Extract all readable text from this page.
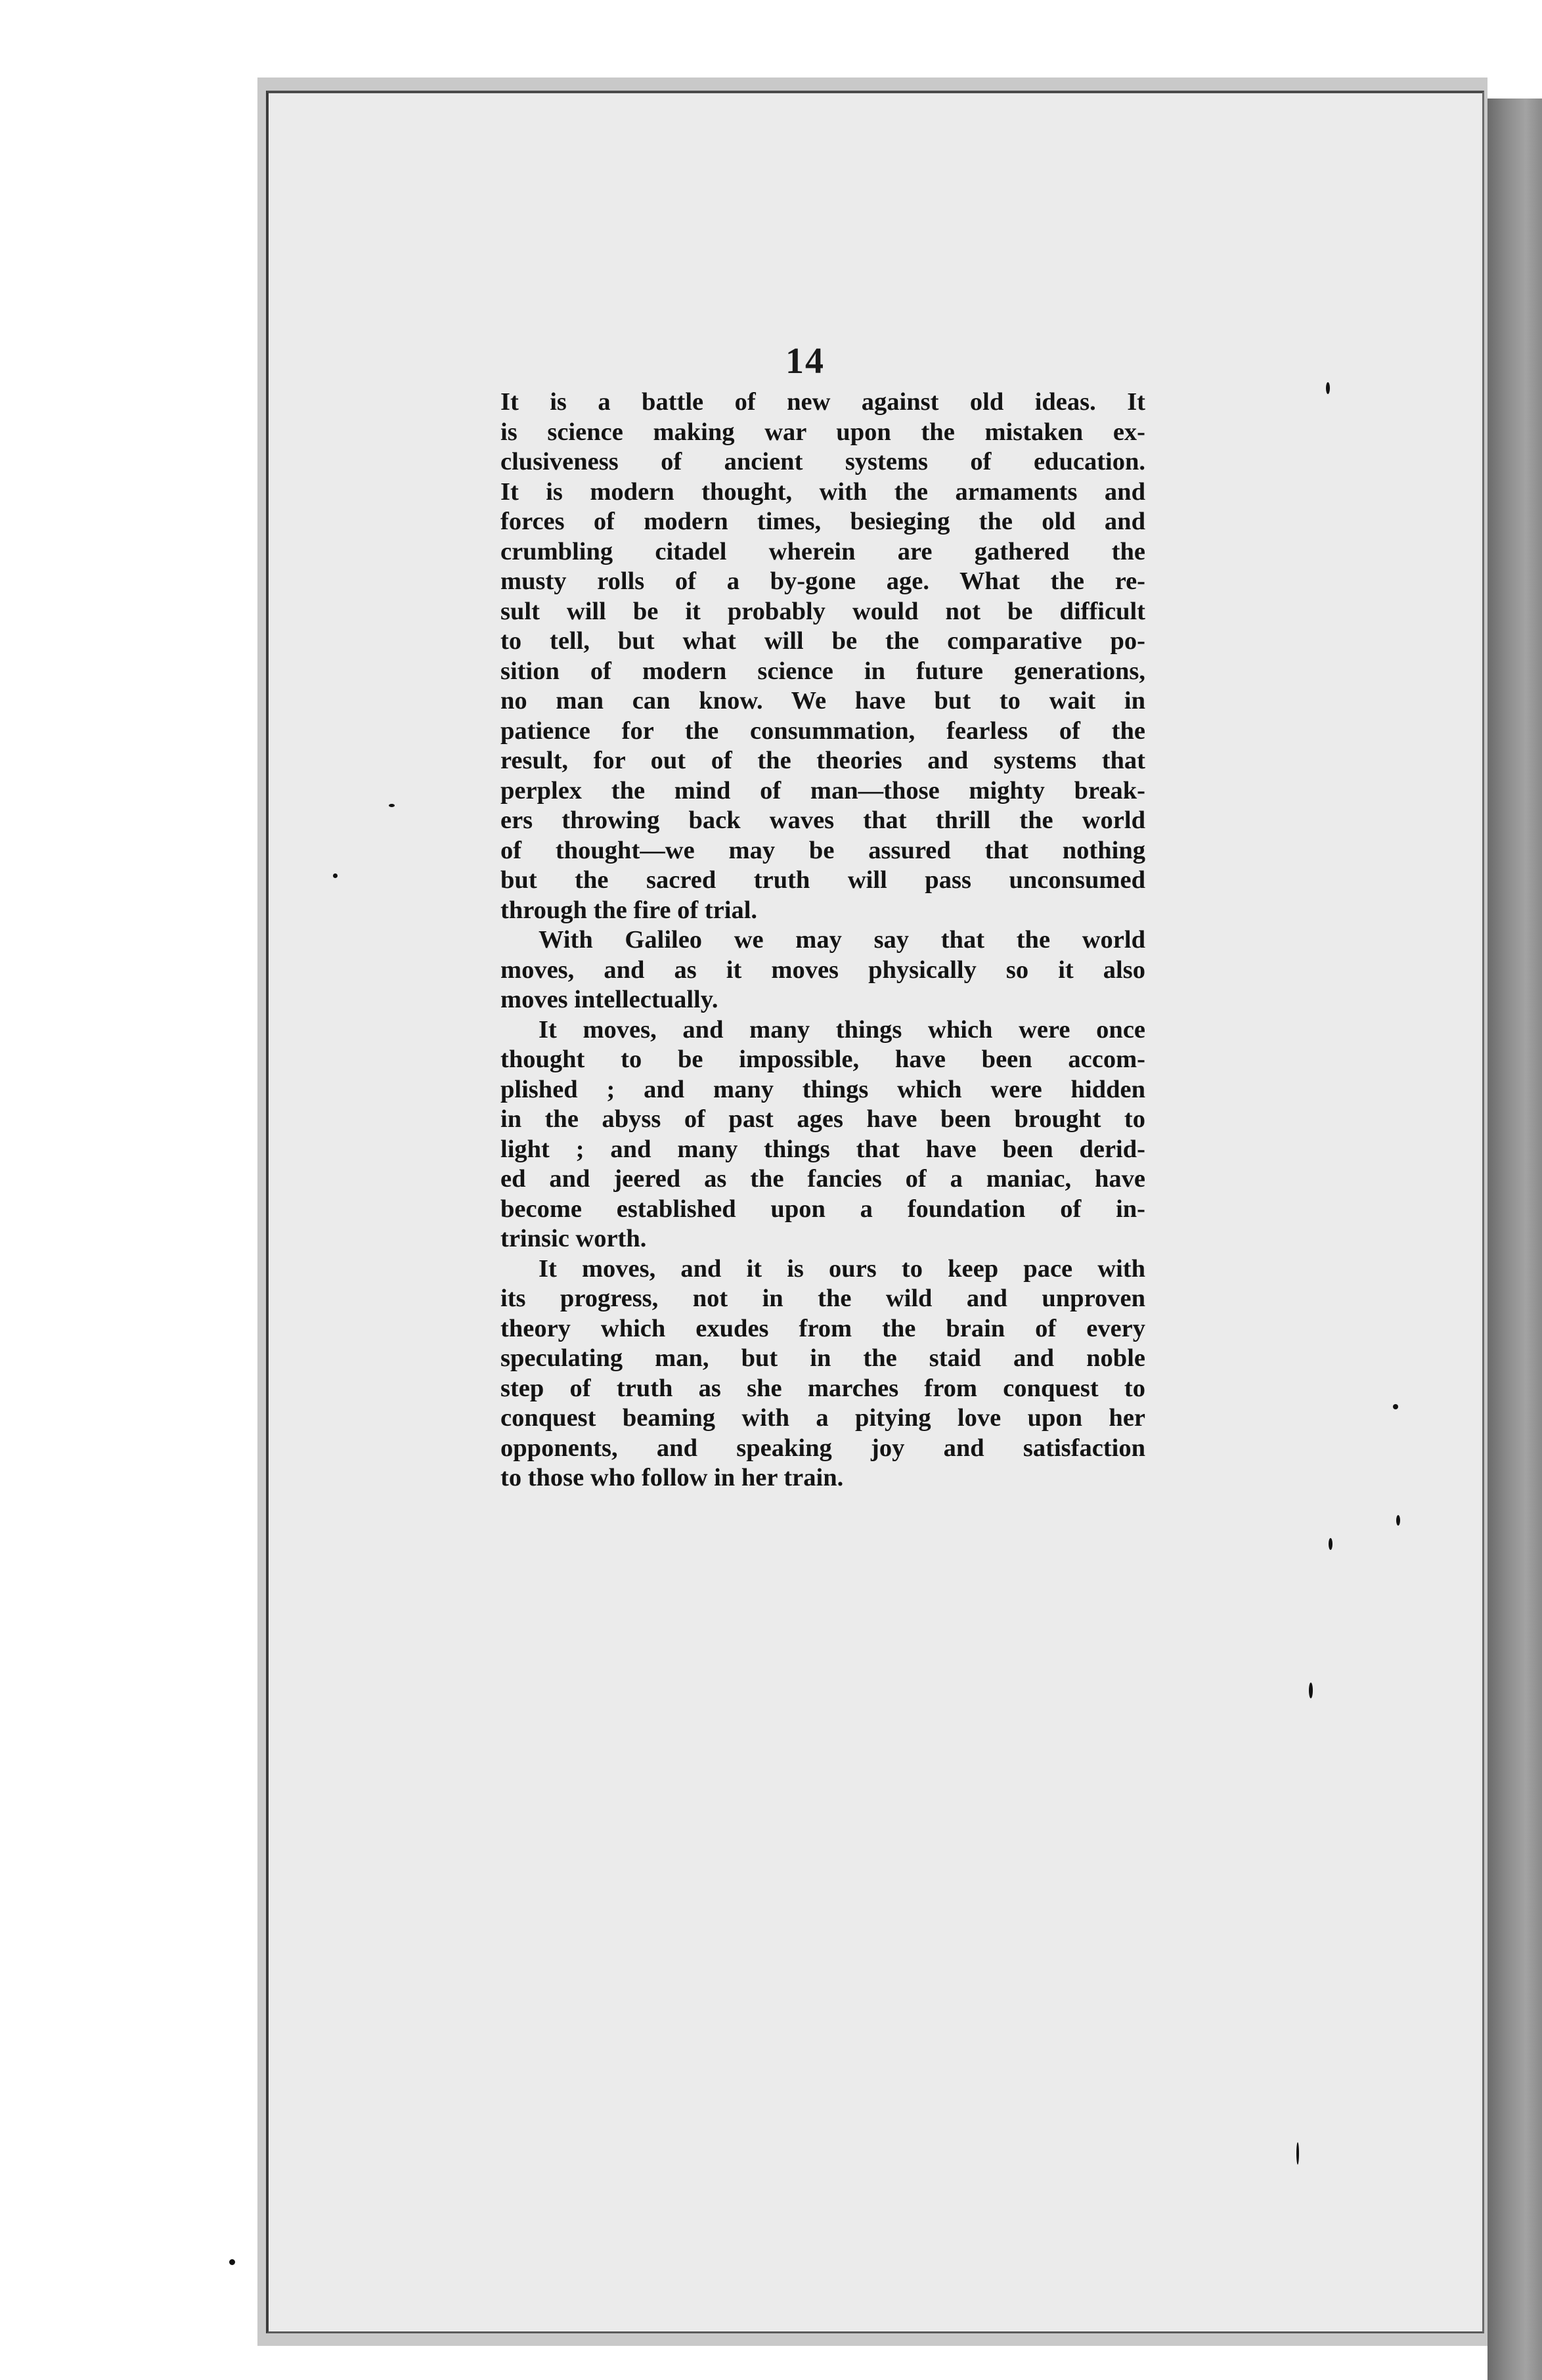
14

It is a battle of new against old ideas. It
is science making war upon the mistaken ex-
clusiveness of ancient systems of education.
It is modern thought, with the armaments and
forces of modern times, besieging the old and
crumbling citadel wherein are gathered the
musty rolls of a by-gone age. What the re-
sult will be it probably would not be difficult
to tell, but what will be the comparative po-
sition of modern science in future generations,
no man can know. We have but to wait in
patience for the consummation, fearless of the
result, for out of the theories and systems that
perplex the mind of man—those mighty break-
ers throwing back waves that thrill the world
of thought—we may be assured that nothing
but the sacred truth will pass unconsumed
through the fire of trial.

With Galileo we may say that the world
moves, and as it moves physically so it also
moves intellectually.

It moves, and many things which were once
thought to be impossible, have been accom-
plished ; and many things which were hidden
in the abyss of past ages have been brought to
light ; and many things that have been derid-
ed and jeered as the fancies of a maniac, have
become established upon a foundation of in-
trinsic worth.

It moves, and it is ours to keep pace with
its progress, not in the wild and unproven
theory which exudes from the brain of every
speculating man, but in the staid and noble
step of truth as she marches from conquest to
conquest beaming with a pitying love upon her
opponents, and speaking joy and satisfaction
to those who follow in her train.
